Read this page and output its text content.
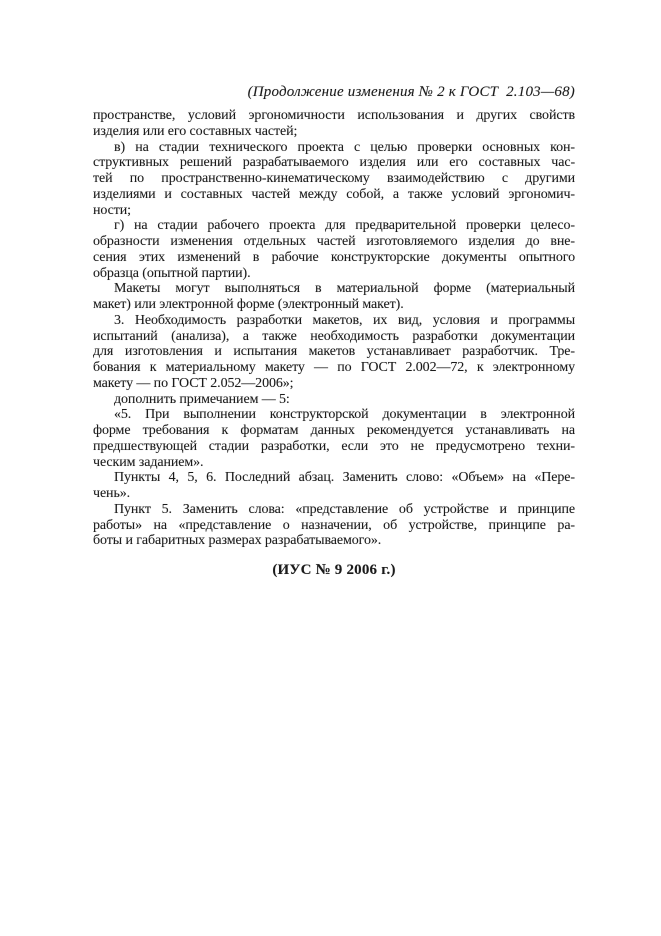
(Продолжение изменения № 2 к ГОСТ  2.103—68)
пространстве, условий эргономичности использования и других свойств
изделия или его составных частей;
в) на стадии технического проекта с целью проверки основных кон-
структивных решений разрабатываемого изделия или его составных час-
тей по пространственно-кинематическому взаимодействию с другими
изделиями и составных частей между собой, а также условий эргономич-
ности;
г) на стадии рабочего проекта для предварительной проверки целесо-
образности изменения отдельных частей изготовляемого изделия до вне-
сения этих изменений в рабочие конструкторские документы опытного
образца (опытной партии).
Макеты могут выполняться в материальной форме (материальный
макет) или электронной форме (электронный макет).
3. Необходимость разработки макетов, их вид, условия и программы
испытаний (анализа), а также необходимость разработки документации
для изготовления и испытания макетов устанавливает разработчик. Тре-
бования к материальному макету — по ГОСТ 2.002—72, к электронному
макету — по ГОСТ 2.052—2006»;
дополнить примечанием — 5:
«5. При выполнении конструкторской документации в электронной
форме требования к форматам данных рекомендуется устанавливать на
предшествующей стадии разработки, если это не предусмотрено техни-
ческим заданием».
Пункты 4, 5, 6. Последний абзац. Заменить слово: «Объем» на «Пере-
чень».
Пункт 5. Заменить слова: «представление об устройстве и принципе
работы» на «представление о назначении, об устройстве, принципе ра-
боты и габаритных размерах разрабатываемого».
(ИУС № 9 2006 г.)
